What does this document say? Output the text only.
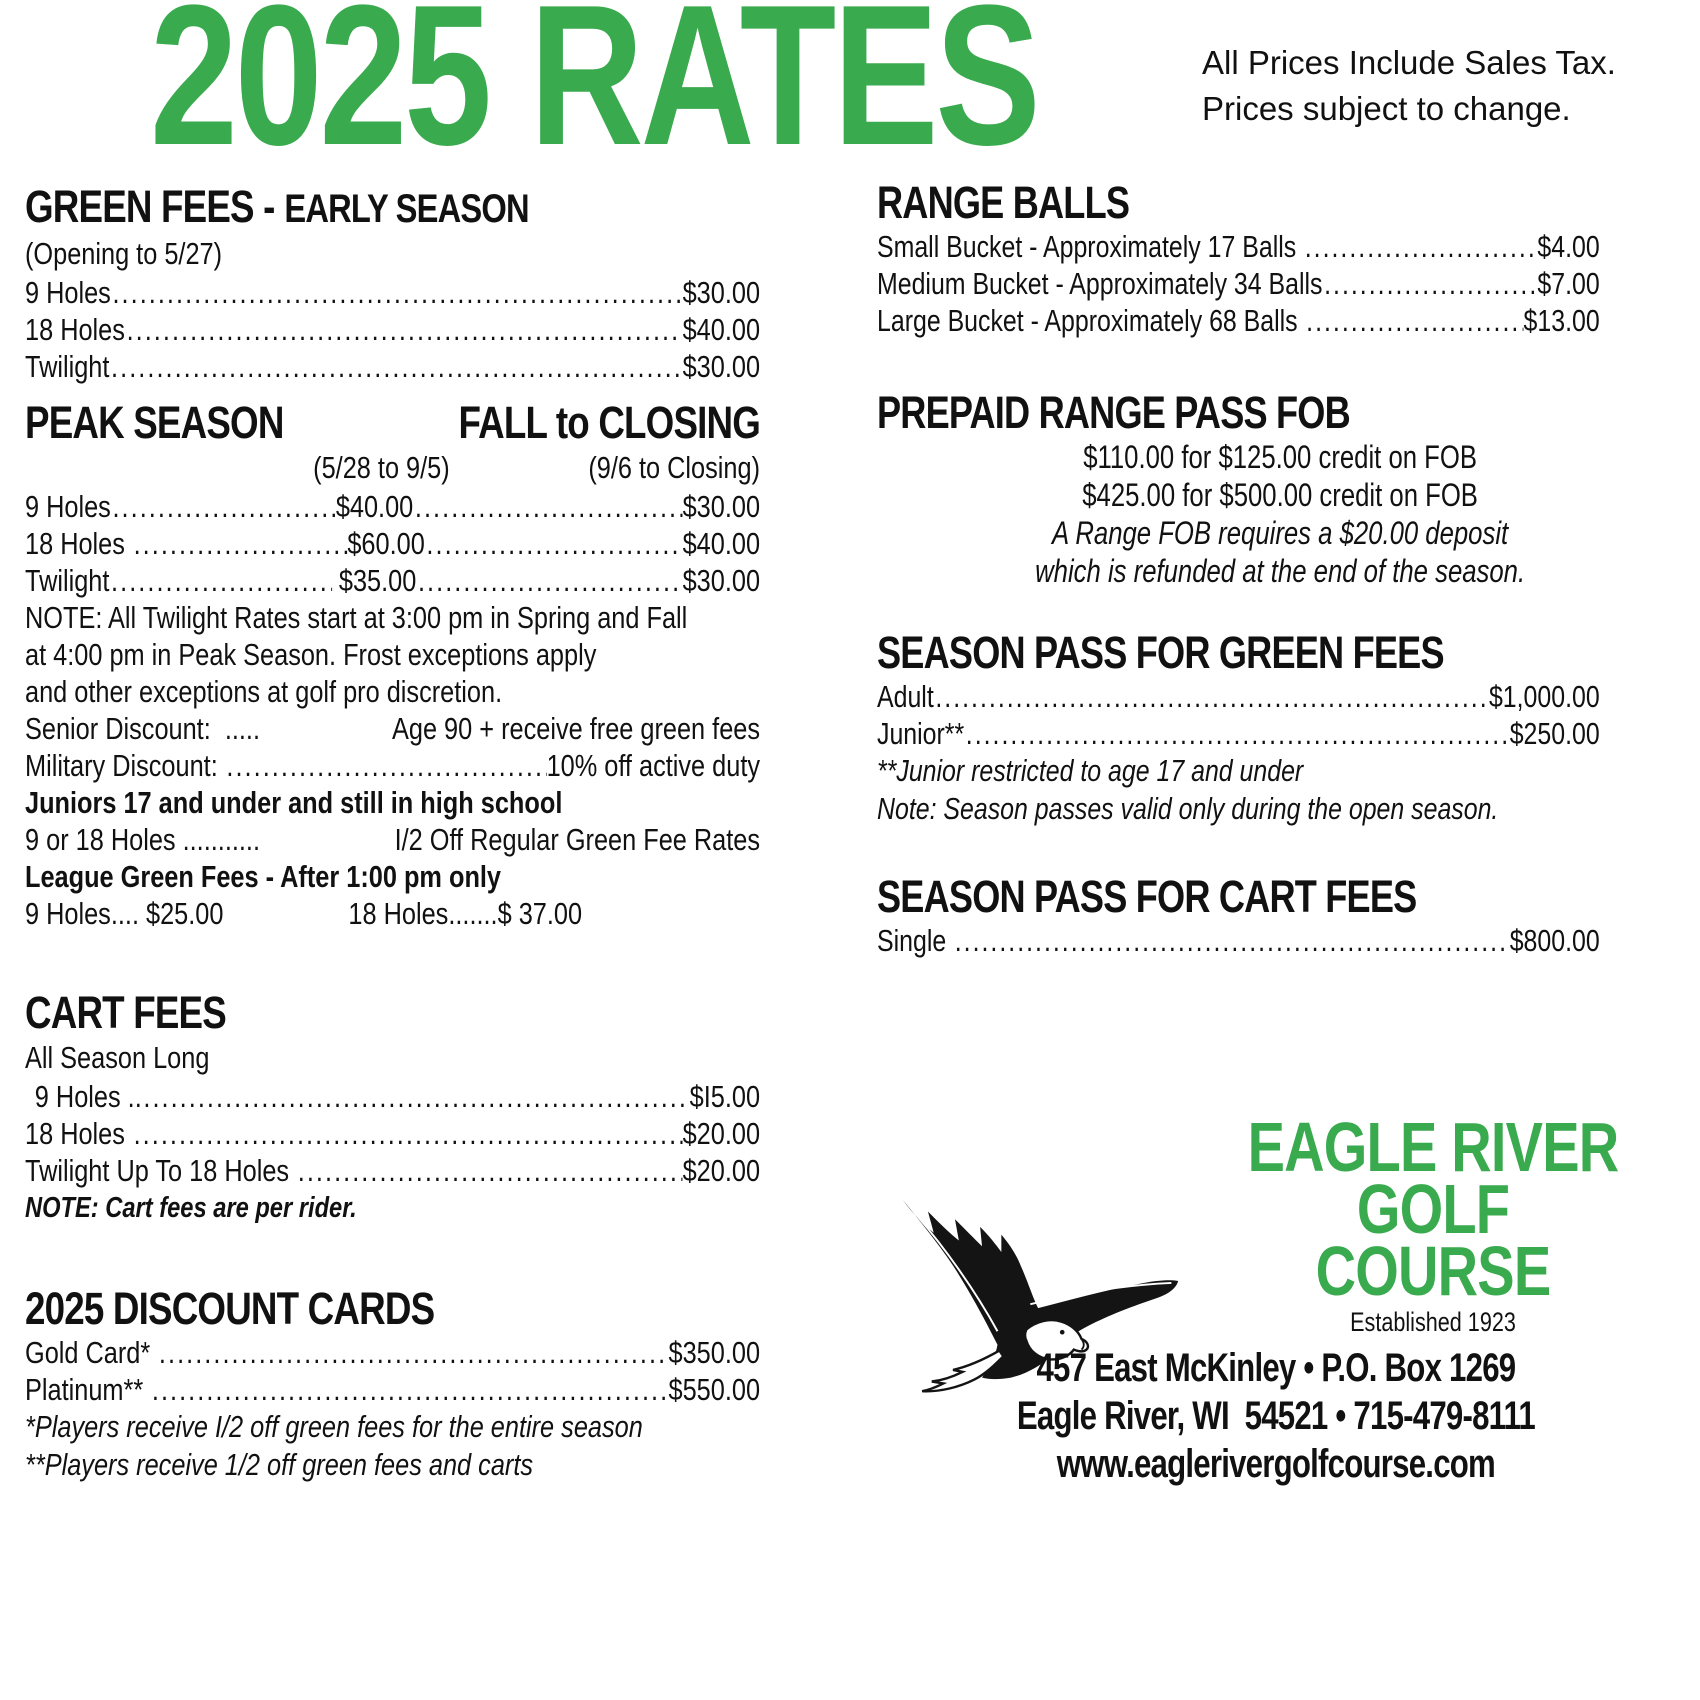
2025 RATES	All Prices Include Sales Tax.
Prices subject to change.
GREEN FEES - EARLY SEASON
(Opening to 5/27)
9 Holes .....	$30.00
18 Holes .....	$40.00
Twilight .....	$30.00
PEAK SEASON	FALL to CLOSING
(5/28 to 9/5)	(9/6 to Closing)
9 Holes .....	$40.00 .....	$30.00
18 Holes .....	$60.00 .....	$40.00
Twilight .....	$35.00 .....	$30.00
NOTE: All Twilight Rates start at 3:00 pm in Spring and Fall
at 4:00 pm in Peak Season. Frost exceptions apply
and other exceptions at golf pro discretion.
Senior Discount:  .....	Age 90 + receive free green fees
Military Discount: .....	10% off active duty
Juniors 17 and under and still in high school
9 or 18 Holes ...........	I/2 Off Regular Green Fee Rates
League Green Fees - After 1:00 pm only
9 Holes.... $25.00	18 Holes.......$ 37.00
CART FEES
All Season Long
9 Holes .. .....	$I5.00
18 Holes .....	$20.00
Twilight Up To 18 Holes .....	$20.00
NOTE: Cart fees are per rider.
2025 DISCOUNT CARDS
Gold Card* .....	$350.00
Platinum** .....	$550.00
*Players receive I/2 off green fees for the entire season
**Players receive 1/2 off green fees and carts
RANGE BALLS
Small Bucket - Approximately 17 Balls .....	$4.00
Medium Bucket - Approximately 34 Balls .....	$7.00
Large Bucket - Approximately 68 Balls .....	$13.00
PREPAID RANGE PASS FOB
$110.00 for $125.00 credit on FOB
$425.00 for $500.00 credit on FOB
A Range FOB requires a $20.00 deposit
which is refunded at the end of the season.
SEASON PASS FOR GREEN FEES
Adult .....	$1,000.00
Junior** .....	$250.00
**Junior restricted to age 17 and under
Note: Season passes valid only during the open season.
SEASON PASS FOR CART FEES
Single .....	$800.00
EAGLE RIVER
GOLF
COURSE
Established 1923
457 East McKinley • P.O. Box 1269
Eagle River, WI  54521 • 715-479-8111
www.eaglerivergolfcourse.com
